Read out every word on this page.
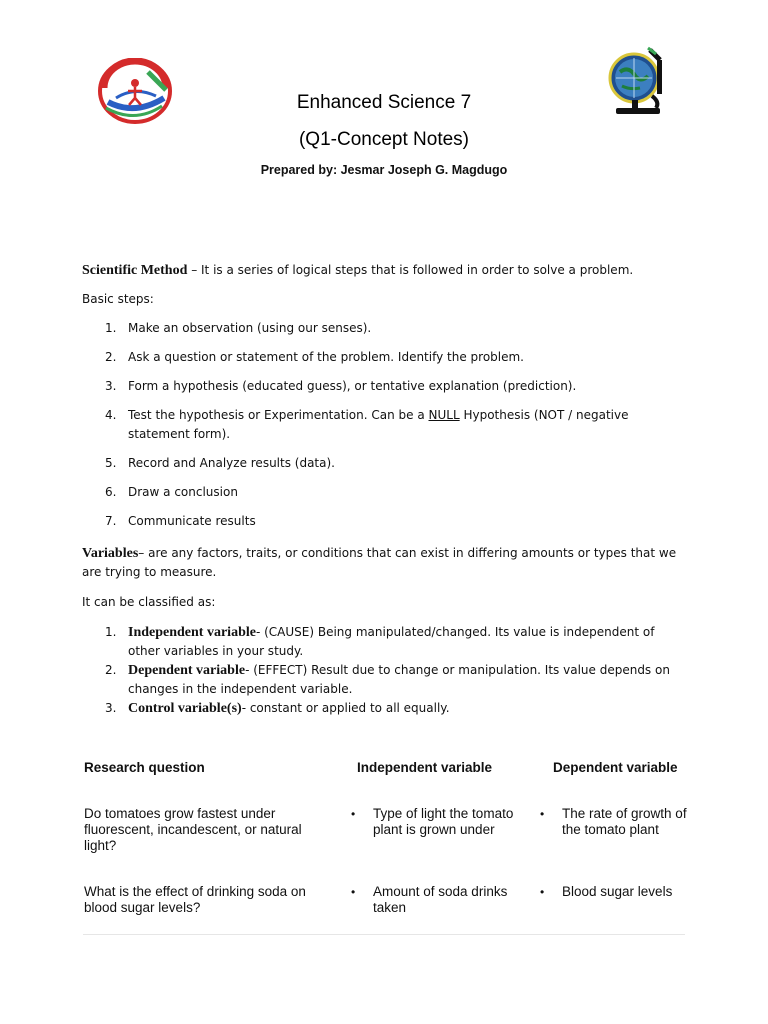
Enhanced Science 7
(Q1-Concept Notes)
Prepared by: Jesmar Joseph G. Magdugo
Scientific Method – It is a series of logical steps that is followed in order to solve a problem.
Basic steps:
1. Make an observation (using our senses).
2. Ask a question or statement of the problem. Identify the problem.
3. Form a hypothesis (educated guess), or tentative explanation (prediction).
4. Test the hypothesis or Experimentation. Can be a NULL Hypothesis (NOT / negative statement form).
5. Record and Analyze results (data).
6. Draw a conclusion
7. Communicate results
Variables– are any factors, traits, or conditions that can exist in differing amounts or types that we are trying to measure.
It can be classified as:
1. Independent variable- (CAUSE) Being manipulated/changed. Its value is independent of other variables in your study.
2. Dependent variable- (EFFECT) Result due to change or manipulation. Its value depends on changes in the independent variable.
3. Control variable(s)- constant or applied to all equally.
Research question	Independent variable	Dependent variable
Do tomatoes grow fastest under fluorescent, incandescent, or natural light?
• Type of light the tomato plant is grown under
• The rate of growth of the tomato plant
What is the effect of drinking soda on blood sugar levels?
• Amount of soda drinks taken
• Blood sugar levels
